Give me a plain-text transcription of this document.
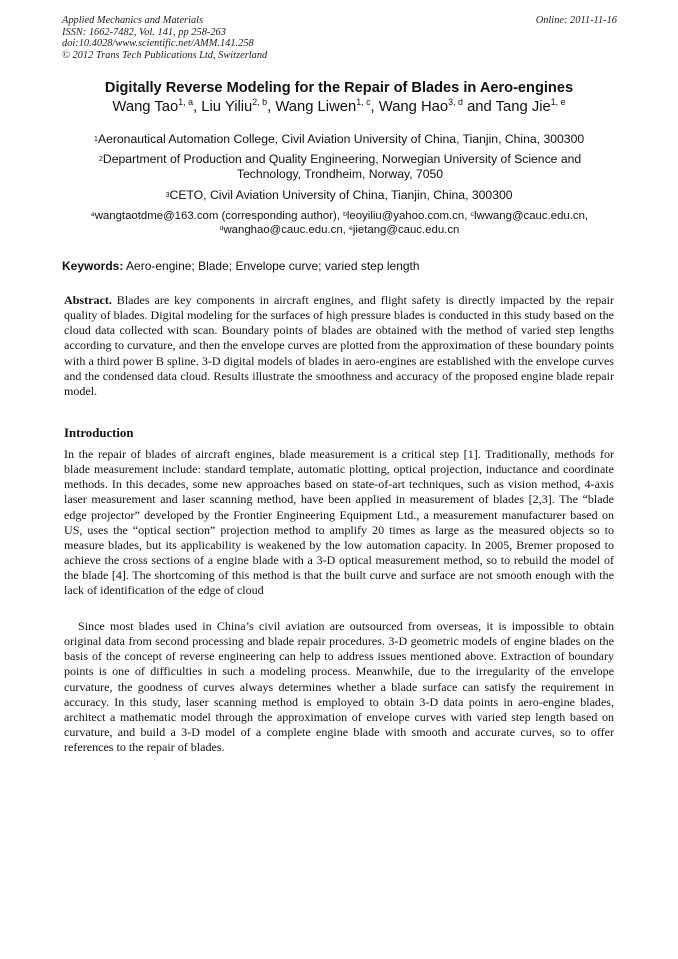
Applied Mechanics and Materials	Online: 2011-11-16
ISSN: 1662-7482, Vol. 141, pp 258-263
doi:10.4028/www.scientific.net/AMM.141.258
© 2012 Trans Tech Publications Ltd, Switzerland
Digitally Reverse Modeling for the Repair of Blades in Aero-engines
Wang Tao$^{1, a}$, Liu Yiliu$^{2, b}$, Wang Liwen$^{1, c}$, Wang Hao$^{3, d}$ and Tang Jie$^{1, e}$
$^1$Aeronautical Automation College, Civil Aviation University of China, Tianjin, China, 300300
$^2$Department of Production and Quality Engineering, Norwegian University of Science and Technology, Trondheim, Norway, 7050
$^3$CETO, Civil Aviation University of China, Tianjin, China, 300300
$^a$wangtaotdme@163.com (corresponding author), $^b$leoyiliu@yahoo.com.cn, $^c$lwwang@cauc.edu.cn,
$^d$wanghao@cauc.edu.cn, $^e$jietang@cauc.edu.cn
Keywords: Aero-engine; Blade; Envelope curve; varied step length
Abstract. Blades are key components in aircraft engines, and flight safety is directly impacted by the repair quality of blades. Digital modeling for the surfaces of high pressure blades is conducted in this study based on the cloud data collected with scan. Boundary points of blades are obtained with the method of varied step lengths according to curvature, and then the envelope curves are plotted from the approximation of these boundary points with a third power B spline. 3-D digital models of blades in aero-engines are established with the envelope curves and the condensed data cloud. Results illustrate the smoothness and accuracy of the proposed engine blade repair model.
Introduction
In the repair of blades of aircraft engines, blade measurement is a critical step [1]. Traditionally, methods for blade measurement include: standard template, automatic plotting, optical projection, inductance and coordinate methods. In this decades, some new approaches based on state-of-art techniques, such as vision method, 4-axis laser measurement and laser scanning method, have been applied in measurement of blades [2,3]. The “blade edge projector” developed by the Frontier Engineering Equipment Ltd., a measurement manufacturer based on US, uses the “optical section” projection method to amplify 20 times as large as the measured objects so to measure blades, but its applicability is weakened by the low automation capacity. In 2005, Bremer proposed to achieve the cross sections of a engine blade with a 3-D optical measurement method, so to rebuild the model of the blade [4]. The shortcoming of this method is that the built curve and surface are not smooth enough with the lack of identification of the edge of cloud
Since most blades used in China’s civil aviation are outsourced from overseas, it is impossible to obtain original data from second processing and blade repair procedures. 3-D geometric models of engine blades on the basis of the concept of reverse engineering can help to address issues mentioned above. Extraction of boundary points is one of difficulties in such a modeling process. Meanwhile, due to the irregularity of the envelope curvature, the goodness of curves always determines whether a blade surface can satisfy the requirement in accuracy. In this study, laser scanning method is employed to obtain 3-D data points in aero-engine blades, architect a mathematic model through the approximation of envelope curves with varied step length based on curvature, and build a 3-D model of a complete engine blade with smooth and accurate curves, so to offer references to the repair of blades.
